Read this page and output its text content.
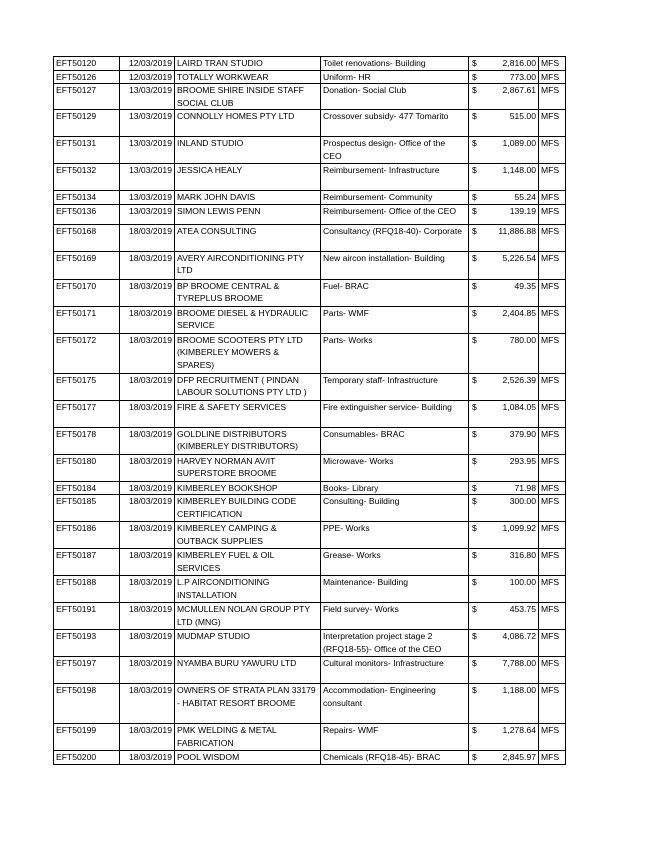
EFT50120	12/03/2019	LAIRD TRAN STUDIO	Toilet renovations- Building	$	2,816.00	MFS
EFT50126	12/03/2019	TOTALLY WORKWEAR	Uniform- HR	$	773.00	MFS
EFT50127	13/03/2019	BROOME SHIRE INSIDE STAFF SOCIAL CLUB	Donation- Social Club	$	2,867.61	MFS
EFT50129	13/03/2019	CONNOLLY HOMES PTY LTD	Crossover subsidy- 477 Tomarito	$	515.00	MFS
EFT50131	13/03/2019	INLAND STUDIO	Prospectus design- Office of the CEO	$	1,089.00	MFS
EFT50132	13/03/2019	JESSICA HEALY	Reimbursement- Infrastructure	$	1,148.00	MFS
EFT50134	13/03/2019	MARK JOHN DAVIS	Reimbursement- Community	$	55.24	MFS
EFT50136	13/03/2019	SIMON LEWIS PENN	Reimbursement- Office of the CEO	$	139.19	MFS
EFT50168	18/03/2019	ATEA CONSULTING	Consultancy (RFQ18-40)- Corporate	$	11,886.88	MFS
EFT50169	18/03/2019	AVERY AIRCONDITIONING PTY LTD	New aircon installation- Building	$	5,226.54	MFS
EFT50170	18/03/2019	BP BROOME CENTRAL & TYREPLUS BROOME	Fuel- BRAC	$	49.35	MFS
EFT50171	18/03/2019	BROOME DIESEL & HYDRAULIC SERVICE	Parts- WMF	$	2,404.85	MFS
EFT50172	18/03/2019	BROOME SCOOTERS PTY LTD (KIMBERLEY MOWERS & SPARES)	Parts- Works	$	780.00	MFS
EFT50175	18/03/2019	DFP RECRUITMENT ( PINDAN LABOUR SOLUTIONS PTY LTD )	Temporary staff- Infrastructure	$	2,526.39	MFS
EFT50177	18/03/2019	FIRE & SAFETY SERVICES	Fire extinguisher service- Building	$	1,084.05	MFS
EFT50178	18/03/2019	GOLDLINE DISTRIBUTORS (KIMBERLEY DISTRIBUTORS)	Consumables- BRAC	$	379.90	MFS
EFT50180	18/03/2019	HARVEY NORMAN AV/IT SUPERSTORE BROOME	Microwave- Works	$	293.95	MFS
EFT50184	18/03/2019	KIMBERLEY BOOKSHOP	Books- Library	$	71.98	MFS
EFT50185	18/03/2019	KIMBERLEY BUILDING CODE CERTIFICATION	Consulting- Building	$	300.00	MFS
EFT50186	18/03/2019	KIMBERLEY CAMPING & OUTBACK SUPPLIES	PPE- Works	$	1,099.92	MFS
EFT50187	18/03/2019	KIMBERLEY FUEL & OIL SERVICES	Grease- Works	$	316.80	MFS
EFT50188	18/03/2019	L.P AIRCONDITIONING INSTALLATION	Maintenance- Building	$	100.00	MFS
EFT50191	18/03/2019	MCMULLEN NOLAN GROUP PTY LTD (MNG)	Field survey- Works	$	453.75	MFS
EFT50193	18/03/2019	MUDMAP STUDIO	Interpretation project stage 2 (RFQ18-55)- Office of the CEO	$	4,086.72	MFS
EFT50197	18/03/2019	NYAMBA BURU YAWURU LTD	Cultural monitors- Infrastructure	$	7,788.00	MFS
EFT50198	18/03/2019	OWNERS OF STRATA PLAN 33179 - HABITAT RESORT BROOME	Accommodation- Engineering consultant	$	1,188.00	MFS
EFT50199	18/03/2019	PMK WELDING & METAL FABRICATION	Repairs- WMF	$	1,278.64	MFS
EFT50200	18/03/2019	POOL WISDOM	Chemicals (RFQ18-45)- BRAC	$	2,845.97	MFS
